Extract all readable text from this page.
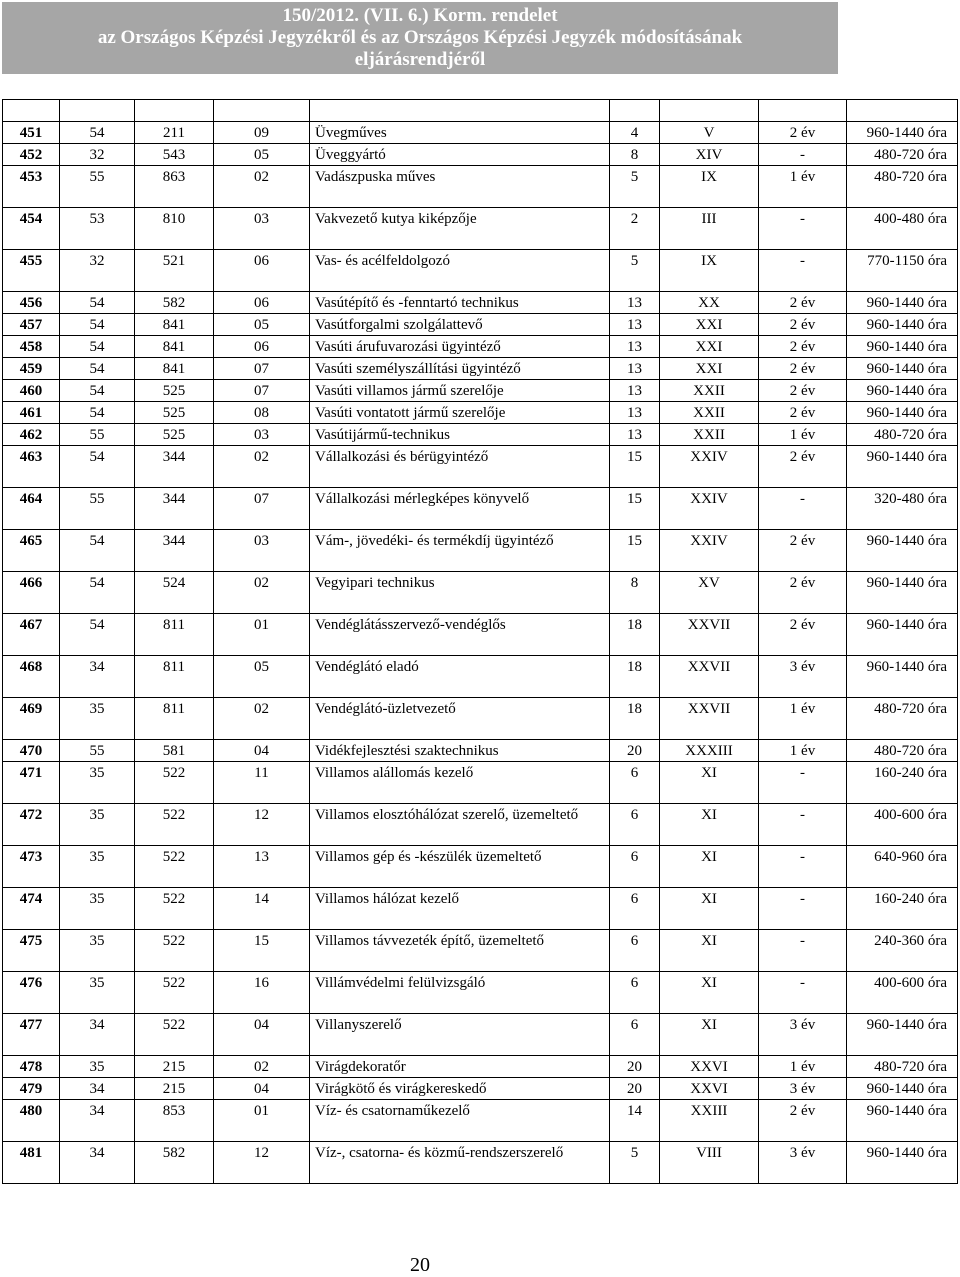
150/2012. (VII. 6.) Korm. rendelet
az Országos Képzési Jegyzékről és az Országos Képzési Jegyzék módosításának
eljárásrendjéről

451	54	211	09	Üvegműves	4	V	2 év	960-1440 óra
452	32	543	05	Üveggyártó	8	XIV	-	480-720 óra
453	55	863	02	Vadászpuska műves	5	IX	1 év	480-720 óra
454	53	810	03	Vakvezető kutya kiképzője	2	III	-	400-480 óra
455	32	521	06	Vas- és acélfeldolgozó	5	IX	-	770-1150 óra
456	54	582	06	Vasútépítő és -fenntartó technikus	13	XX	2 év	960-1440 óra
457	54	841	05	Vasútforgalmi szolgálattevő	13	XXI	2 év	960-1440 óra
458	54	841	06	Vasúti árufuvarozási ügyintéző	13	XXI	2 év	960-1440 óra
459	54	841	07	Vasúti személyszállítási ügyintéző	13	XXI	2 év	960-1440 óra
460	54	525	07	Vasúti villamos jármű szerelője	13	XXII	2 év	960-1440 óra
461	54	525	08	Vasúti vontatott jármű szerelője	13	XXII	2 év	960-1440 óra
462	55	525	03	Vasútijármű-technikus	13	XXII	1 év	480-720 óra
463	54	344	02	Vállalkozási és bérügyintéző	15	XXIV	2 év	960-1440 óra
464	55	344	07	Vállalkozási mérlegképes könyvelő	15	XXIV	-	320-480 óra
465	54	344	03	Vám-, jövedéki- és termékdíj ügyintéző	15	XXIV	2 év	960-1440 óra
466	54	524	02	Vegyipari technikus	8	XV	2 év	960-1440 óra
467	54	811	01	Vendéglátásszervező-vendéglős	18	XXVII	2 év	960-1440 óra
468	34	811	05	Vendéglátó eladó	18	XXVII	3 év	960-1440 óra
469	35	811	02	Vendéglátó-üzletvezető	18	XXVII	1 év	480-720 óra
470	55	581	04	Vidékfejlesztési szaktechnikus	20	XXXIII	1 év	480-720 óra
471	35	522	11	Villamos alállomás kezelő	6	XI	-	160-240 óra
472	35	522	12	Villamos elosztóhálózat szerelő, üzemeltető	6	XI	-	400-600 óra
473	35	522	13	Villamos gép és -készülék üzemeltető	6	XI	-	640-960 óra
474	35	522	14	Villamos hálózat kezelő	6	XI	-	160-240 óra
475	35	522	15	Villamos távvezeték építő, üzemeltető	6	XI	-	240-360 óra
476	35	522	16	Villámvédelmi felülvizsgáló	6	XI	-	400-600 óra
477	34	522	04	Villanyszerelő	6	XI	3 év	960-1440 óra
478	35	215	02	Virágdekoratőr	20	XXVI	1 év	480-720 óra
479	34	215	04	Virágkötő és virágkereskedő	20	XXVI	3 év	960-1440 óra
480	34	853	01	Víz- és csatornaműkezelő	14	XXIII	2 év	960-1440 óra
481	34	582	12	Víz-, csatorna- és közmű-rendszerszerelő	5	VIII	3 év	960-1440 óra
20
